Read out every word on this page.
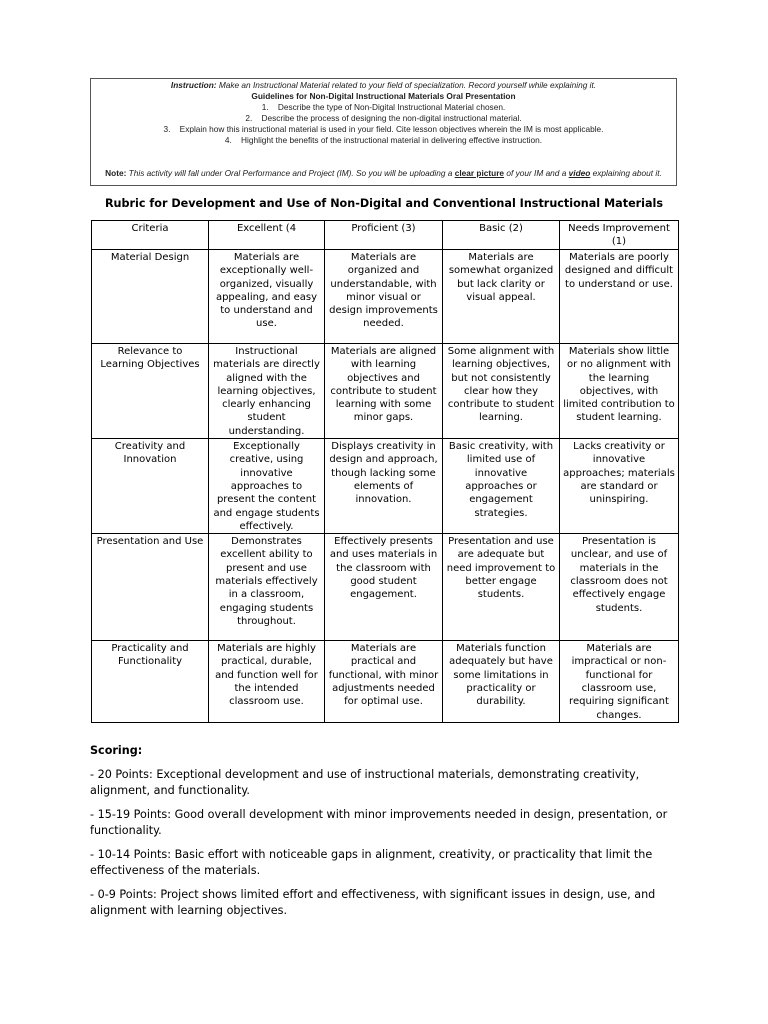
Instruction: Make an Instructional Material related to your field of specialization. Record yourself while explaining it.
Guidelines for Non-Digital Instructional Materials Oral Presentation
1.    Describe the type of Non-Digital Instructional Material chosen.
2.    Describe the process of designing the non-digital instructional material.
3.    Explain how this instructional material is used in your field. Cite lesson objectives wherein the IM is most applicable.
4.    Highlight the benefits of the instructional material in delivering effective instruction.
Note: This activity will fall under Oral Performance and Project (IM). So you will be uploading a clear picture of your IM and a video explaining about it.
Rubric for Development and Use of Non-Digital and Conventional Instructional Materials
Criteria	Excellent (4	Proficient (3)	Basic (2)	Needs Improvement (1)
Material Design	Materials are exceptionally well-organized, visually appealing, and easy to understand and use.	Materials are organized and understandable, with minor visual or design improvements needed.	Materials are somewhat organized but lack clarity or visual appeal.	Materials are poorly designed and difficult to understand or use.
Relevance to Learning Objectives	Instructional materials are directly aligned with the learning objectives, clearly enhancing student understanding.	Materials are aligned with learning objectives and contribute to student learning with some minor gaps.	Some alignment with learning objectives, but not consistently clear how they contribute to student learning.	Materials show little or no alignment with the learning objectives, with limited contribution to student learning.
Creativity and Innovation	Exceptionally creative, using innovative approaches to present the content and engage students effectively.	Displays creativity in design and approach, though lacking some elements of innovation.	Basic creativity, with limited use of innovative approaches or engagement strategies.	Lacks creativity or innovative approaches; materials are standard or uninspiring.
Presentation and Use	Demonstrates excellent ability to present and use materials effectively in a classroom, engaging students throughout.	Effectively presents and uses materials in the classroom with good student engagement.	Presentation and use are adequate but need improvement to better engage students.	Presentation is unclear, and use of materials in the classroom does not effectively engage students.
Practicality and Functionality	Materials are highly practical, durable, and function well for the intended classroom use.	Materials are practical and functional, with minor adjustments needed for optimal use.	Materials function adequately but have some limitations in practicality or durability.	Materials are impractical or non-functional for classroom use, requiring significant changes.
Scoring:

- 20 Points: Exceptional development and use of instructional materials, demonstrating creativity, alignment, and functionality.

- 15-19 Points: Good overall development with minor improvements needed in design, presentation, or functionality.

- 10-14 Points: Basic effort with noticeable gaps in alignment, creativity, or practicality that limit the effectiveness of the materials.

- 0-9 Points: Project shows limited effort and effectiveness, with significant issues in design, use, and alignment with learning objectives.
